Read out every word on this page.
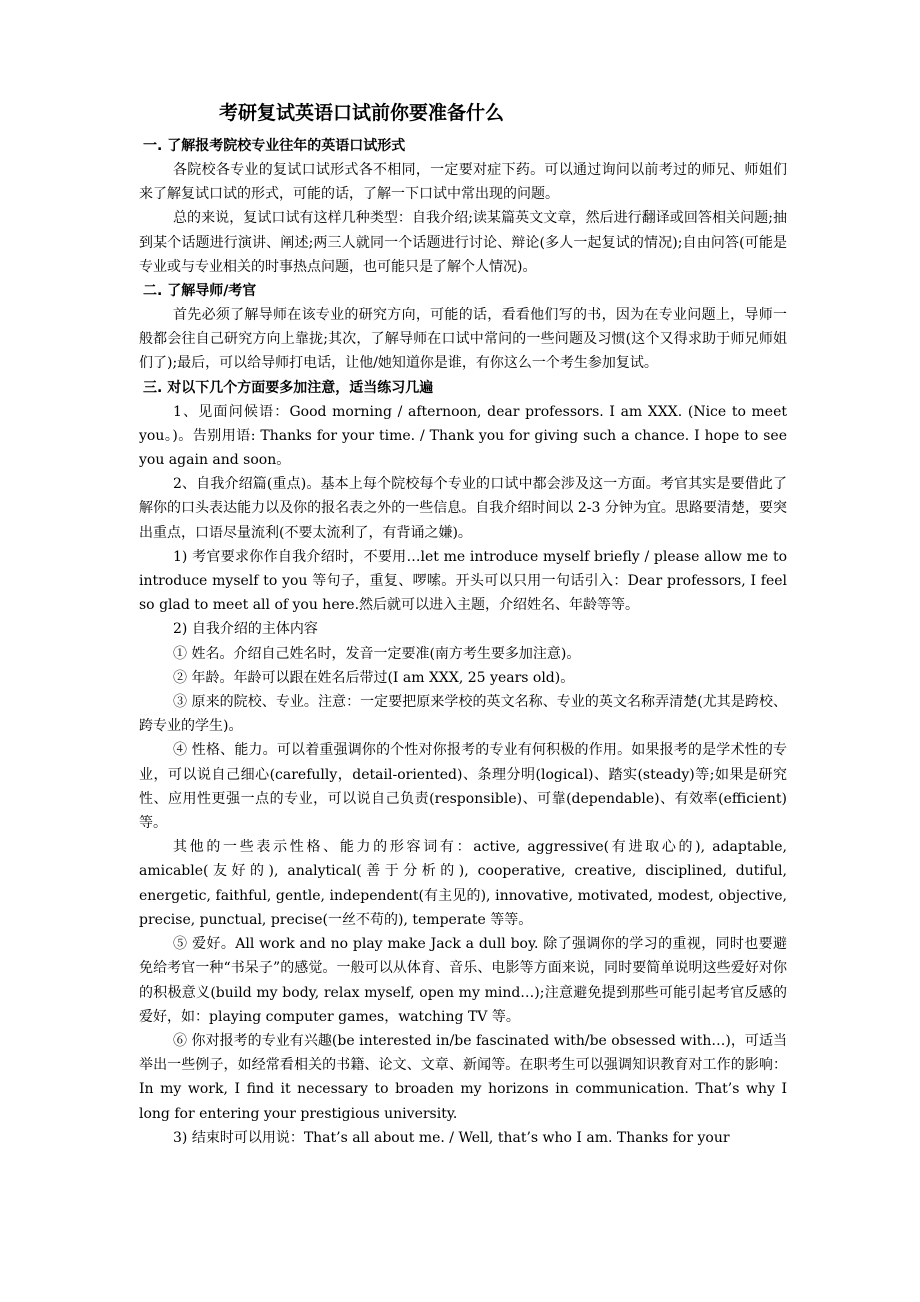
考研复试英语口试前你要准备什么
一. 了解报考院校专业往年的英语口试形式

各院校各专业的复试口试形式各不相同，一定要对症下药。可以通过询问以前考过的师兄、师姐们来了解复试口试的形式，可能的话，了解一下口试中常出现的问题。

总的来说，复试口试有这样几种类型：自我介绍;读某篇英文文章，然后进行翻译或回答相关问题;抽到某个话题进行演讲、阐述;两三人就同一个话题进行讨论、辩论(多人一起复试的情况);自由问答(可能是专业或与专业相关的时事热点问题，也可能只是了解个人情况)。

二. 了解导师/考官

首先必须了解导师在该专业的研究方向，可能的话，看看他们写的书，因为在专业问题上，导师一般都会往自己研究方向上靠拢;其次，了解导师在口试中常问的一些问题及习惯(这个又得求助于师兄师姐们了);最后，可以给导师打电话，让他/她知道你是谁，有你这么一个考生参加复试。

三. 对以下几个方面要多加注意，适当练习几遍

1、见面问候语：Good morning / afternoon, dear professors. I am XXX. (Nice to meet you。)。告别用语: Thanks for your time. / Thank you for giving such a chance. I hope to see you again and soon。

2、自我介绍篇(重点)。基本上每个院校每个专业的口试中都会涉及这一方面。考官其实是要借此了解你的口头表达能力以及你的报名表之外的一些信息。自我介绍时间以 2-3 分钟为宜。思路要清楚，要突出重点，口语尽量流利(不要太流利了，有背诵之嫌)。

1) 考官要求你作自我介绍时，不要用…let me introduce myself briefly / please allow me to introduce myself to you 等句子，重复、啰嗦。开头可以只用一句话引入：Dear professors, I feel so glad to meet all of you here.然后就可以进入主题，介绍姓名、年龄等等。

2) 自我介绍的主体内容

① 姓名。介绍自己姓名时，发音一定要准(南方考生要多加注意)。

② 年龄。年龄可以跟在姓名后带过(I am XXX, 25 years old)。

③ 原来的院校、专业。注意：一定要把原来学校的英文名称、专业的英文名称弄清楚(尤其是跨校、跨专业的学生)。

④ 性格、能力。可以着重强调你的个性对你报考的专业有何积极的作用。如果报考的是学术性的专业，可以说自己细心(carefully，detail-oriented)、条理分明(logical)、踏实(steady)等;如果是研究性、应用性更强一点的专业，可以说自己负责(responsible)、可靠(dependable)、有效率(efficient)等。

其他的一些表示性格、能力的形容词有：active, aggressive(有进取心的), adaptable, amicable(友好的), analytical(善于分析的), cooperative, creative, disciplined, dutiful, energetic, faithful, gentle, independent(有主见的), innovative, motivated, modest, objective, precise, punctual, precise(一丝不苟的), temperate 等等。

⑤ 爱好。All work and no play make Jack a dull boy. 除了强调你的学习的重视，同时也要避免给考官一种“书呆子”的感觉。一般可以从体育、音乐、电影等方面来说，同时要简单说明这些爱好对你的积极意义(build my body, relax myself, open my mind…);注意避免提到那些可能引起考官反感的爱好，如：playing computer games，watching TV 等。

⑥ 你对报考的专业有兴趣(be interested in/be fascinated with/be obsessed with…)，可适当举出一些例子，如经常看相关的书籍、论文、文章、新闻等。在职考生可以强调知识教育对工作的影响： In my work, I find it necessary to broaden my horizons in communication. That’s why I long for entering your prestigious university.

3) 结束时可以用说：That’s all about me. / Well, that’s who I am. Thanks for your
